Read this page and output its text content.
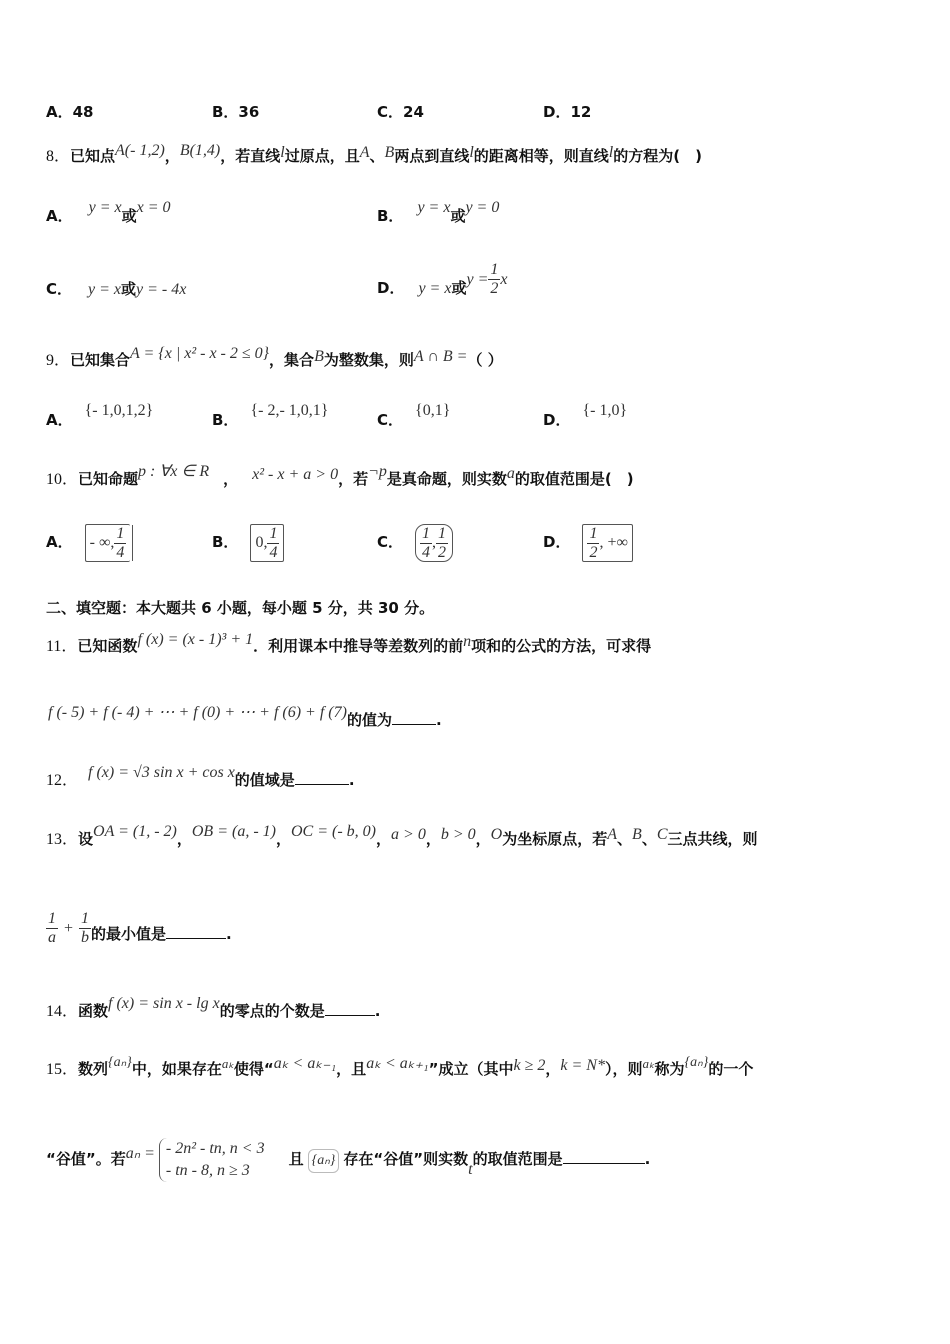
A．48	B．36	C．24	D．12
8．已知点A(- 1,2)，B(1,4)，若直线l过原点，且A、B两点到直线l的距离相等，则直线l的方程为(　)
A． y = x或x = 0	B． y = x或y = 0
C． y = x或y = - 4x	D． y = x或$y = \frac{1}{2}$ x
9．已知集合A = {x | x² - x - 2 ≤ 0}，集合B为整数集，则A ∩ B =（ ）
A．{- 1,0,1,2}
B．{- 2,- 1,0,1}
C．{0,1}
D．{- 1,0}
10．已知命题p : ∀x ∈ R ， x² - x + a > 0，若¬p是真命题，则实数a的取值范围是(　)
A． - ∞, $\frac{1}{4}$	B． 0, $\frac{1}{4}$	C． $\frac{1}{4}$ , $\frac{1}{2}$	D． $\frac{1}{2}$ , +∞
二、填空题：本大题共 6 小题，每小题 5 分，共 30 分。
11．已知函数f (x) = (x - 1)³ + 1．利用课本中推导等差数列的前n项和的公式的方法，可求得
f (- 5) + f (- 4) + ⋯ + f (0) + ⋯ + f (6) + f (7)的值为	.
12． f (x) = √3 sin x + cos x的值域是	.
13．设OA = (1, - 2)，OB = (a, - 1)，OC = (- b, 0)，a > 0，b > 0，O为坐标原点，若A、B、C三点共线，则
$\frac{1}{a} + \frac{1}{b}$ 的最小值是	.
14．函数f (x) = sin x - lg x的零点的个数是	.
15．数列{aₙ}中，如果存在aₖ使得“aₖ < aₖ₋₁，且aₖ < aₖ₊₁”成立（其中k ≥ 2，k = N*），则aₖ称为{aₙ}的一个
“谷值”。若aₙ = - 2n² - tn, n < 3
- tn - 8, n ≥ 3
且 {aₙ} 存在“谷值”则实数t的取值范围是	.
